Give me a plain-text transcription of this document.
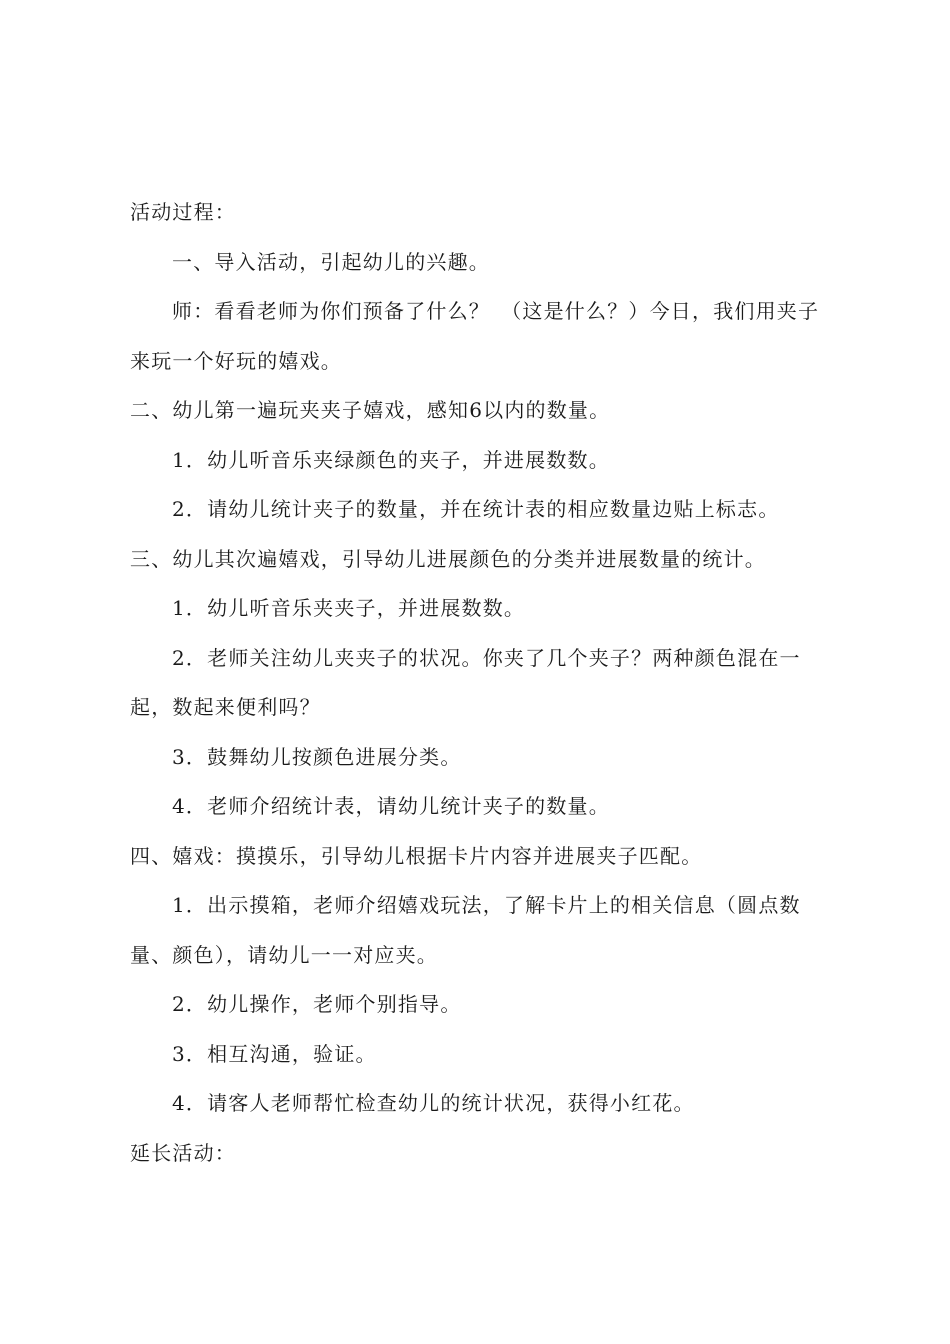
活动过程：

一、导入活动，引起幼儿的兴趣。

师：看看老师为你们预备了什么？　（这是什么？）今日，我们用夹子来玩一个好玩的嬉戏。

二、幼儿第一遍玩夹夹子嬉戏，感知6以内的数量。

1．幼儿听音乐夹绿颜色的夹子，并进展数数。

2．请幼儿统计夹子的数量，并在统计表的相应数量边贴上标志。

三、幼儿其次遍嬉戏，引导幼儿进展颜色的分类并进展数量的统计。

1．幼儿听音乐夹夹子，并进展数数。

2．老师关注幼儿夹夹子的状况。你夹了几个夹子？两种颜色混在一起，数起来便利吗？

3．鼓舞幼儿按颜色进展分类。

4．老师介绍统计表，请幼儿统计夹子的数量。

四、嬉戏：摸摸乐，引导幼儿根据卡片内容并进展夹子匹配。

1．出示摸箱，老师介绍嬉戏玩法，了解卡片上的相关信息（圆点数量、颜色），请幼儿一一对应夹。

2．幼儿操作，老师个别指导。

3．相互沟通，验证。

4．请客人老师帮忙检查幼儿的统计状况，获得小红花。

延长活动：
